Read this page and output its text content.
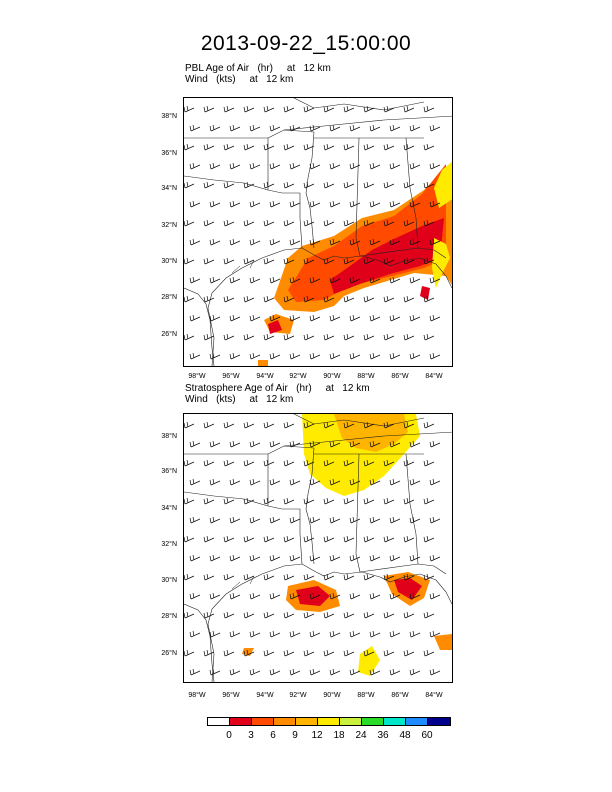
2013-09-22_15:00:00
PBL Age of Air   (hr)     at   12 km
Wind   (kts)     at   12 km
Stratosphere Age of Air   (hr)     at   12 km
Wind   (kts)     at   12 km
38°N
36°N
34°N
32°N
30°N
28°N
26°N
98°W	96°W	94°W	92°W	90°W	88°W	86°W	84°W
38°N
36°N
34°N
32°N
30°N
28°N
26°N
98°W	96°W	94°W	92°W	90°W	88°W	86°W	84°W
0	3	6	9	12	18	24	36	48	60
